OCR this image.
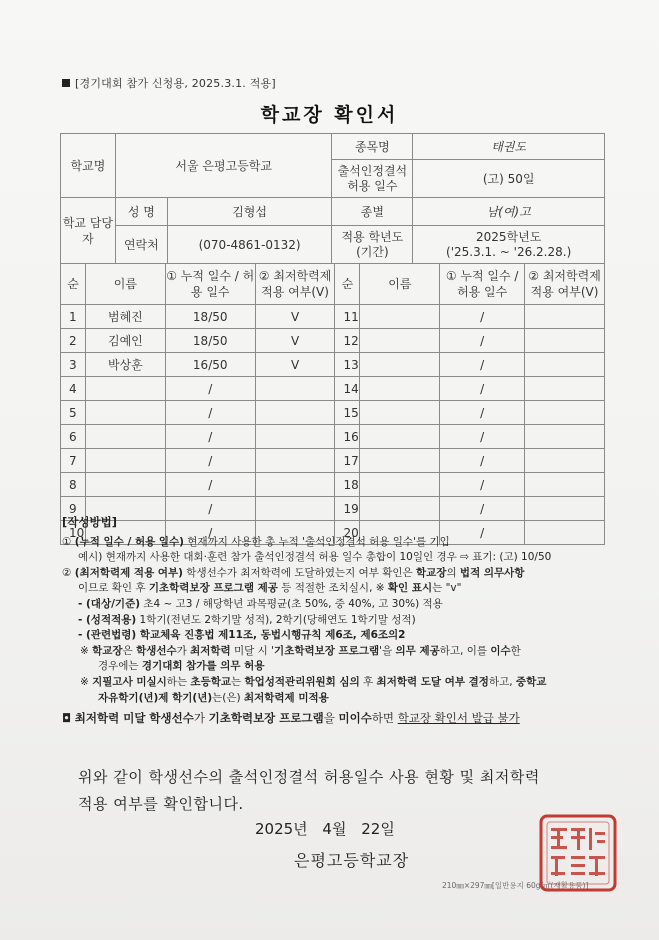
[경기대회 참가 신청용, 2025.3.1. 적용]
학교장 확인서
학교명	서울 은평고등학교		종목명	태권도
			출석인정결석 허용 일수	(고) 50일
학교 담당자	성 명	김형섭	종별	남(여)고
	연락처	(070-4861-0132)	적용 학년도 (기간)	2025학년도
('25.3.1. ~ '26.2.28.)
순	이름	① 누적 일수 / 허용 일수	② 최저학력제 적용 여부(V)	순	이름	① 누적 일수 / 허용 일수	② 최저학력제 적용 여부(V)
1	범혜진	18/50	V	11		/	
2	김예인	18/50	V	12		/	
3	박상훈	16/50	V	13		/	
4		/		14		/	
5		/		15		/	
6		/		16		/	
7		/		17		/	
8		/		18		/	
9		/		19		/	
10		/		20		/	

[작성방법]

① (누적 일수 / 허용 일수) 현재까지 사용한 총 누적 '출석인정결석 허용 일수'를 기입

예시) 현재까지 사용한 대회·훈련 참가 출석인정결석 허용 일수 총합이 10일인 경우 ⇨ 표기: (고) 10/50

② (최저학력제 적용 여부) 학생선수가 최저학력에 도달하였는지 여부 확인은 학교장의 법적 의무사항

이므로 확인 후 기초학력보장 프로그램 제공 등 적절한 조치실시, ※ 확인 표시는 "v"

- (대상/기준) 초4 ~ 고3 / 해당학년 과목평균(초 50%, 중 40%, 고 30%) 적용

- (성적적용) 1학기(전년도 2학기말 성적), 2학기(당해연도 1학기말 성적)

- (관련법령) 학교체육 진흥법 제11조, 동법시행규칙 제6조, 제6조의2

※ 학교장은 학생선수가 최저학력 미달 시 '기초학력보장 프로그램'을 의무 제공하고, 이를 이수한

경우에는 경기대회 참가를 의무 허용

※ 지필고사 미실시하는 초등학교는 학업성적관리위원회 심의 후 최저학력 도달 여부 결정하고, 중학교

자유학기(년)제 학기(년)는(은) 최저학력제 미적용

◘ 최저학력 미달 학생선수가 기초학력보장 프로그램을 미이수하면 학교장 확인서 발급 불가

위와 같이 학생선수의 출석인정결석 허용일수 사용 현황 및 최저학력

적용 여부를 확인합니다.

2025년 4월 22일
은평고등학교장
210㎜×297㎜[일반용지 60g/㎡(재활용품)]
